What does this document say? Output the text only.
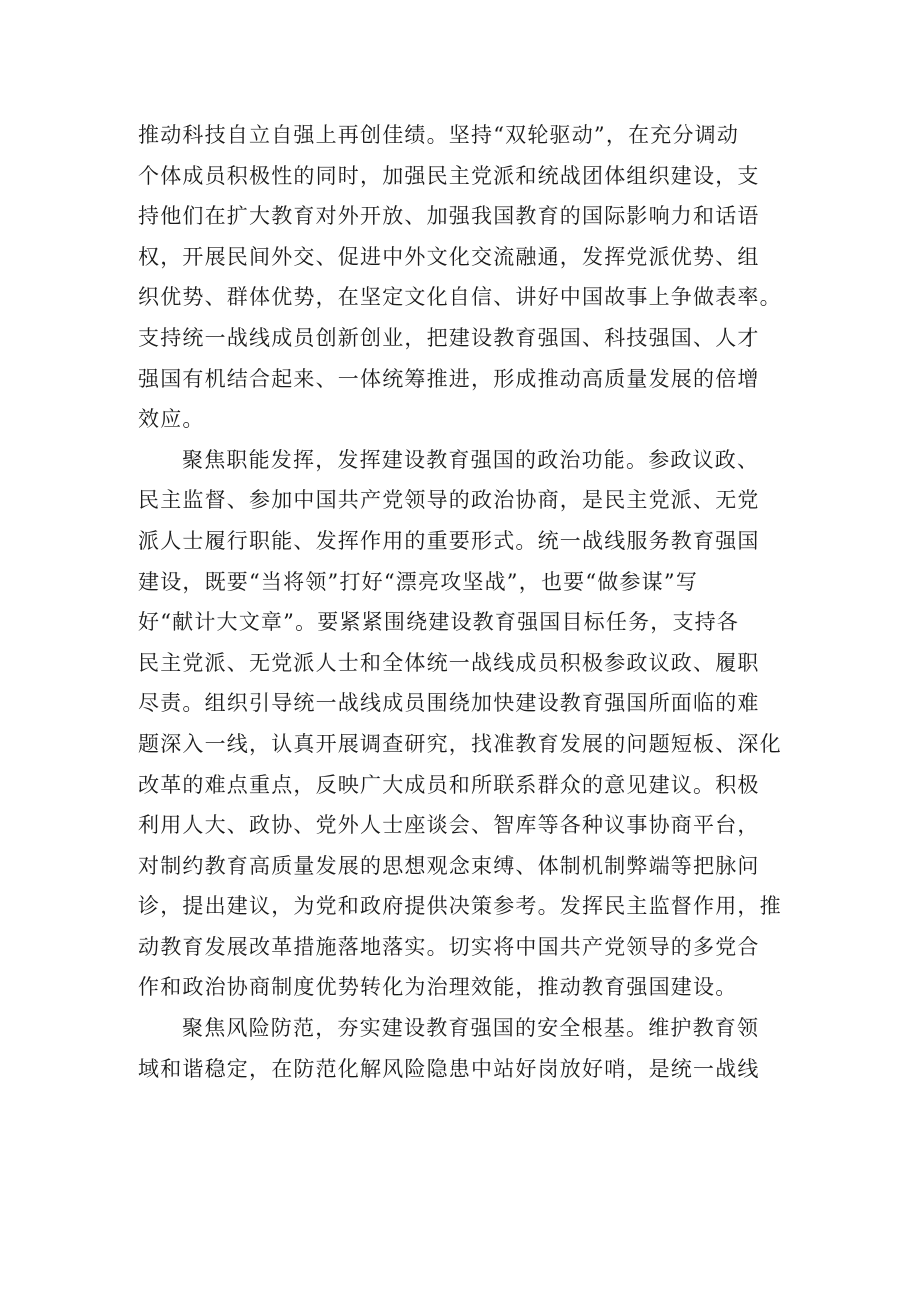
推动科技自立自强上再创佳绩。坚持“双轮驱动”，在充分调动
个体成员积极性的同时，加强民主党派和统战团体组织建设，支
持他们在扩大教育对外开放、加强我国教育的国际影响力和话语
权，开展民间外交、促进中外文化交流融通，发挥党派优势、组
织优势、群体优势，在坚定文化自信、讲好中国故事上争做表率。
支持统一战线成员创新创业，把建设教育强国、科技强国、人才
强国有机结合起来、一体统筹推进，形成推动高质量发展的倍增
效应。
聚焦职能发挥，发挥建设教育强国的政治功能。参政议政、
民主监督、参加中国共产党领导的政治协商，是民主党派、无党
派人士履行职能、发挥作用的重要形式。统一战线服务教育强国
建设，既要“当将领”打好“漂亮攻坚战”，也要“做参谋”写
好“献计大文章”。要紧紧围绕建设教育强国目标任务，支持各
民主党派、无党派人士和全体统一战线成员积极参政议政、履职
尽责。组织引导统一战线成员围绕加快建设教育强国所面临的难
题深入一线，认真开展调查研究，找准教育发展的问题短板、深化
改革的难点重点，反映广大成员和所联系群众的意见建议。积极
利用人大、政协、党外人士座谈会、智库等各种议事协商平台，
对制约教育高质量发展的思想观念束缚、体制机制弊端等把脉问
诊，提出建议，为党和政府提供决策参考。发挥民主监督作用，推
动教育发展改革措施落地落实。切实将中国共产党领导的多党合
作和政治协商制度优势转化为治理效能，推动教育强国建设。
聚焦风险防范，夯实建设教育强国的安全根基。维护教育领
域和谐稳定，在防范化解风险隐患中站好岗放好哨，是统一战线
